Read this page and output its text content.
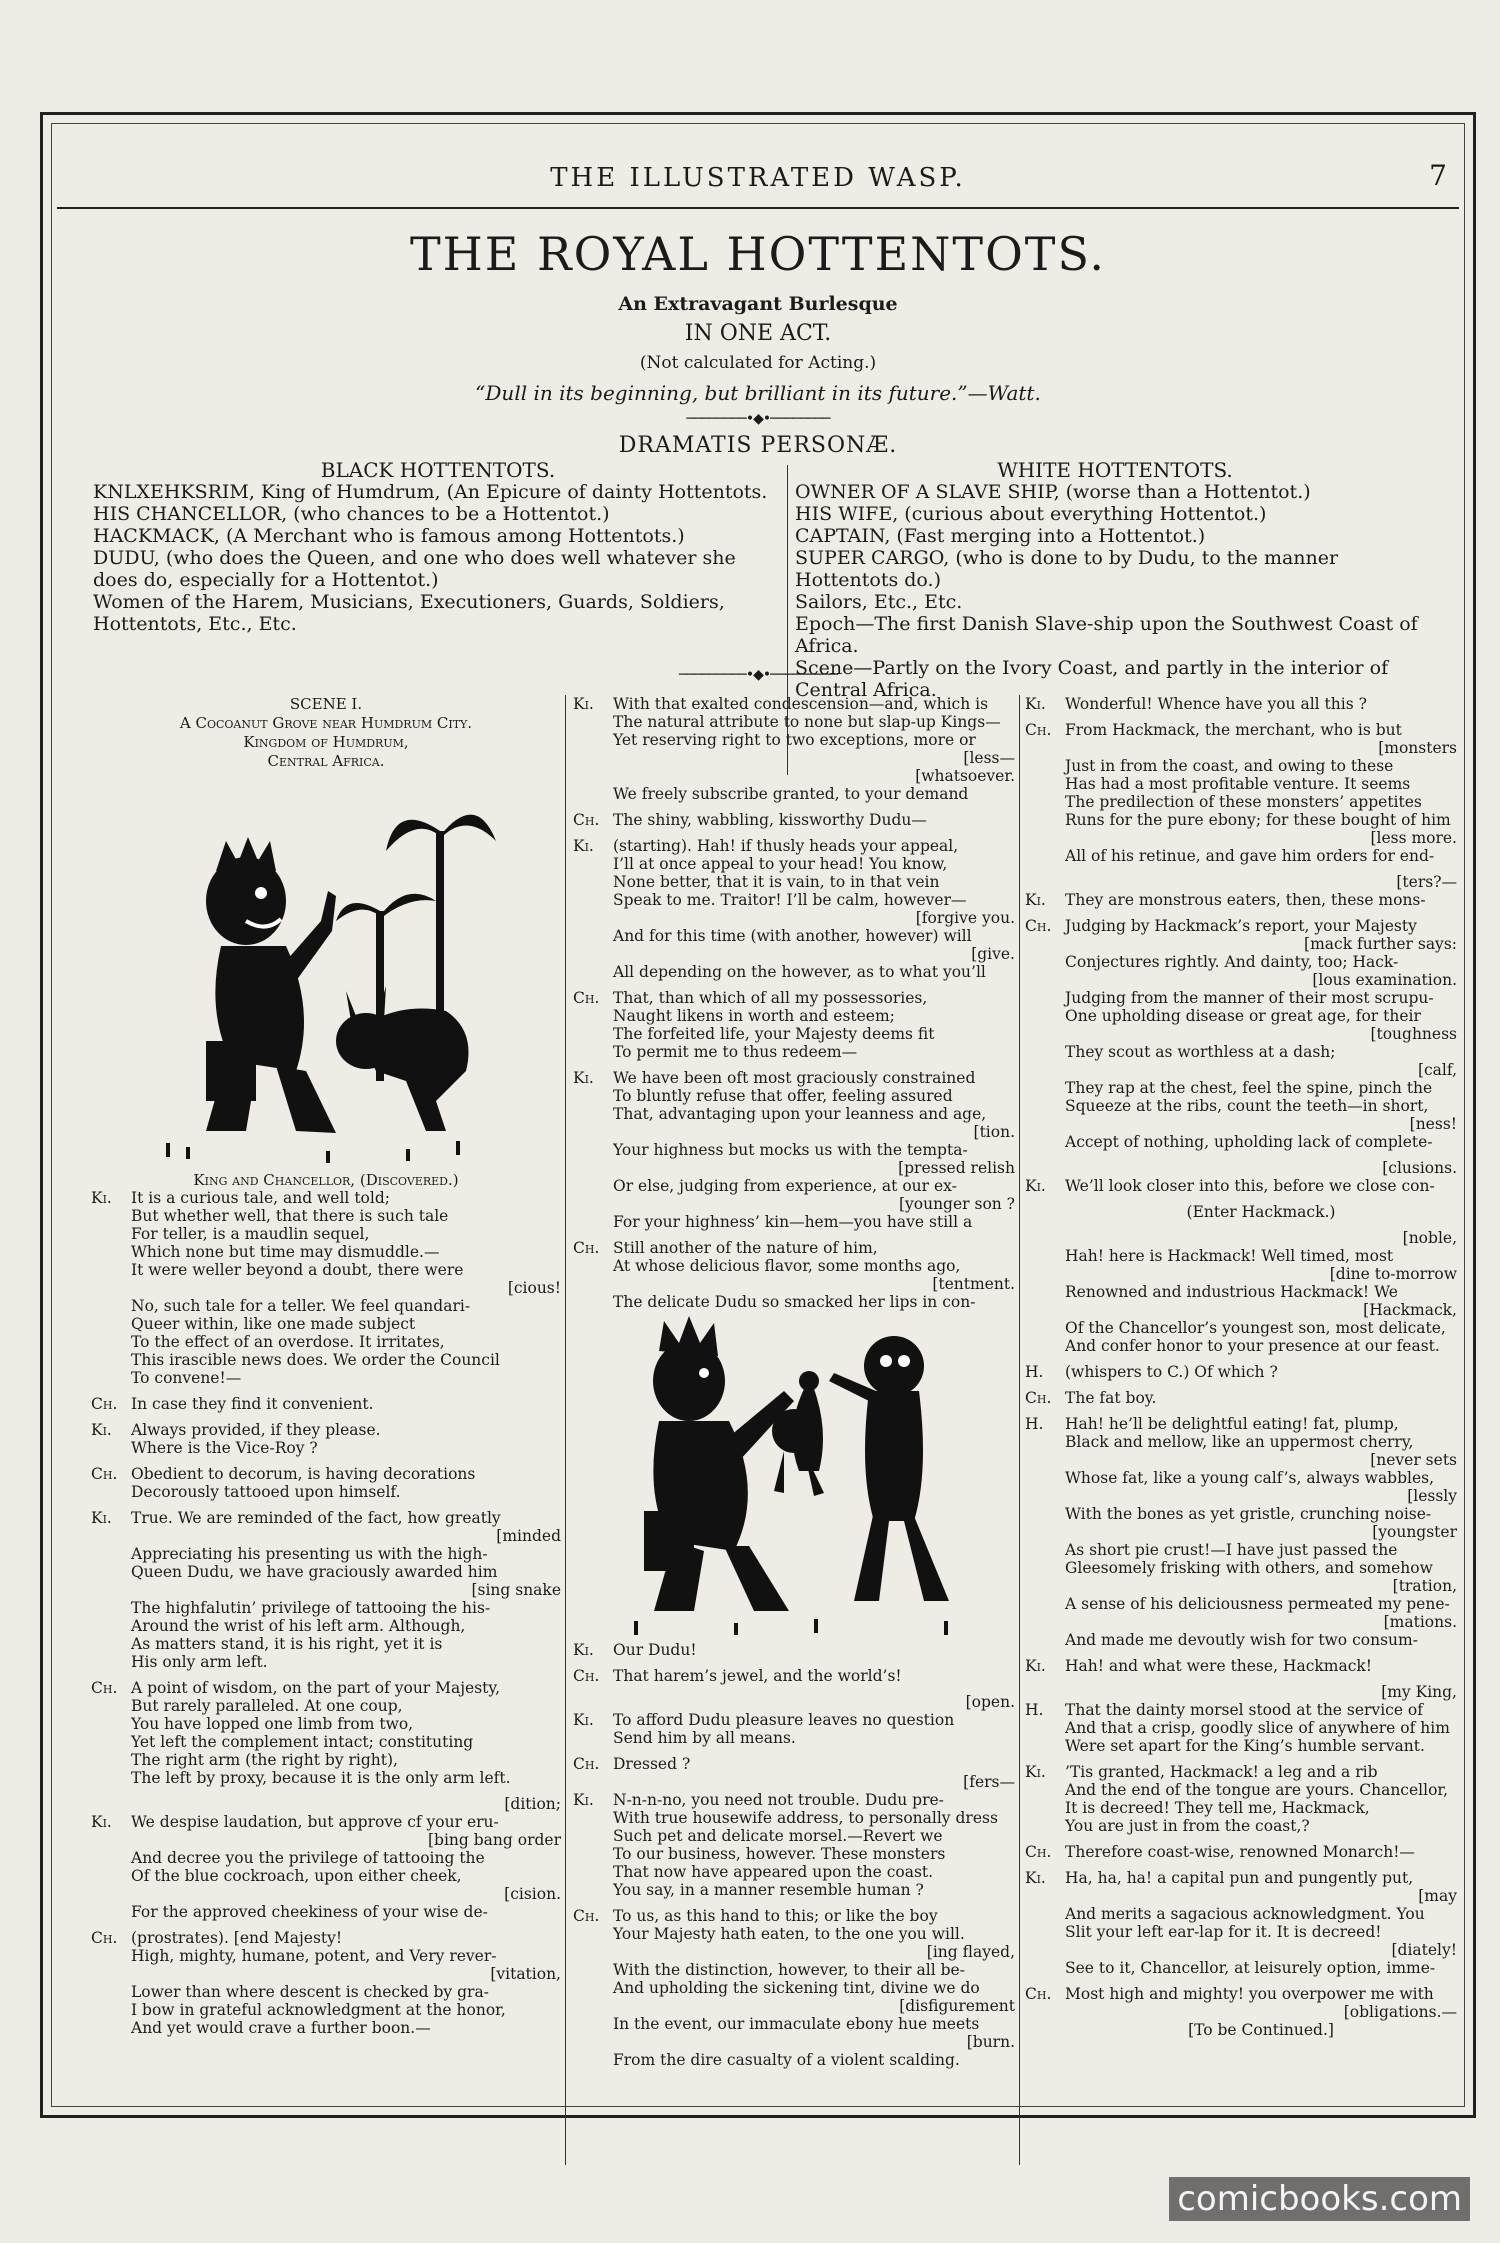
THE ILLUSTRATED WASP.	7
THE ROYAL HOTTENTOTS.
An Extravagant Burlesque
IN ONE ACT.
(Not calculated for Acting.)
“Dull in its beginning, but brilliant in its future.”—Watt.
────────•◆•────────
DRAMATIS PERSONÆ.
BLACK HOTTENTOTS.
KNLXEHKSRIM, King of Humdrum, (An Epicure of dainty Hottentots.
HIS CHANCELLOR, (who chances to be a Hottentot.)
HACKMACK, (A Merchant who is famous among Hottentots.)
DUDU, (who does the Queen, and one who does well whatever she does do, especially for a Hottentot.)
Women of the Harem, Musicians, Executioners, Guards, Soldiers, Hottentots, Etc., Etc.
WHITE HOTTENTOTS.
OWNER OF A SLAVE SHIP, (worse than a Hottentot.)
HIS WIFE, (curious about everything Hottentot.)
CAPTAIN, (Fast merging into a Hottentot.)
SUPER CARGO, (who is done to by Dudu, to the manner Hottentots do.)
Sailors, Etc., Etc.
Epoch—The first Danish Slave-ship upon the Southwest Coast of Africa.
Scene—Partly on the Ivory Coast, and partly in the interior of Central Africa.
─────────•◆•─────────
SCENE I.
A Cocoanut Grove near Humdrum City.
Kingdom of Humdrum,
Central Africa.
King and Chancellor, (Discovered.)
Ki.	It is a curious tale, and well told;
But whether well, that there is such tale
For teller, is a maudlin sequel,
Which none but time may dismuddle.—
It were weller beyond a doubt, there were
[cious!
No, such tale for a teller. We feel quandari-
Queer within, like one made subject
To the effect of an overdose. It irritates,
This irascible news does. We order the Council
To convene!—
Ch. In case they find it convenient.
Ki.	Always provided, if they please.
Where is the Vice-Roy ?
Ch. Obedient to decorum, is having decorations
Decorously tattooed upon himself.
Ki.	True. We are reminded of the fact, how greatly
[minded
Appreciating his presenting us with the high-
Queen Dudu, we have graciously awarded him
[sing snake
The highfalutin’ privilege of tattooing the his-
Around the wrist of his left arm. Although,
As matters stand, it is his right, yet it is
His only arm left.
Ch. A point of wisdom, on the part of your Majesty,
But rarely paralleled. At one coup,
You have lopped one limb from two,
Yet left the complement intact; constituting
The right arm (the right by right),
The left by proxy, because it is the only arm left.
[dition;
Ki.	We despise laudation, but approve cf your eru-
[bing bang order
And decree you the privilege of tattooing the
Of the blue cockroach, upon either cheek,
[cision.
For the approved cheekiness of your wise de-
Ch. (prostrates). [end Majesty!
High, mighty, humane, potent, and Very rever-
[vitation,
Lower than where descent is checked by gra-
I bow in grateful acknowledgment at the honor,
And yet would crave a further boon.—
Ki.	With that exalted condescension—and, which is
The natural attribute to none but slap-up Kings—
Yet reserving right to two exceptions, more or
[less—
[whatsoever.
We freely subscribe granted, to your demand
Ch. The shiny, wabbling, kissworthy Dudu—
Ki.	(starting). Hah! if thusly heads your appeal,
I’ll at once appeal to your head! You know,
None better, that it is vain, to in that vein
Speak to me. Traitor! I’ll be calm, however—
[forgive you.
And for this time (with another, however) will
[give.
All depending on the however, as to what you’ll
Ch. That, than which of all my possessories,
Naught likens in worth and esteem;
The forfeited life, your Majesty deems fit
To permit me to thus redeem—
Ki.	We have been oft most graciously constrained
To bluntly refuse that offer, feeling assured
That, advantaging upon your leanness and age,
[tion.
Your highness but mocks us with the tempta-
[pressed relish
Or else, judging from experience, at our ex-
[younger son ?
For your highness’ kin—hem—you have still a
Ch. Still another of the nature of him,
At whose delicious flavor, some months ago,
[tentment.
The delicate Dudu so smacked her lips in con-
Ki.	Our Dudu!
Ch. That harem’s jewel, and the world’s!
[open.
Ki.	To afford Dudu pleasure leaves no question
Send him by all means.
Ch. Dressed ?
[fers—
Ki.	N-n-n-no, you need not trouble. Dudu pre-
With true housewife address, to personally dress
Such pet and delicate morsel.—Revert we
To our business, however. These monsters
That now have appeared upon the coast.
You say, in a manner resemble human ?
Ch. To us, as this hand to this; or like the boy
Your Majesty hath eaten, to the one you will.
[ing flayed,
With the distinction, however, to their all be-
And upholding the sickening tint, divine we do
[disfigurement
In the event, our immaculate ebony hue meets
[burn.
From the dire casualty of a violent scalding.
Ki.	Wonderful! Whence have you all this ?
Ch. From Hackmack, the merchant, who is but
[monsters
Just in from the coast, and owing to these
Has had a most profitable venture. It seems
The predilection of these monsters’ appetites
Runs for the pure ebony; for these bought of him
[less more.
All of his retinue, and gave him orders for end-
[ters?—
Ki.	They are monstrous eaters, then, these mons-
Ch. Judging by Hackmack’s report, your Majesty
[mack further says:
Conjectures rightly. And dainty, too; Hack-
[lous examination.
Judging from the manner of their most scrupu-
One upholding disease or great age, for their
[toughness
They scout as worthless at a dash;
[calf,
They rap at the chest, feel the spine, pinch the
Squeeze at the ribs, count the teeth—in short,
[ness!
Accept of nothing, upholding lack of complete-
[clusions.
Ki.	We’ll look closer into this, before we close con-
(Enter Hackmack.)
[noble,
Hah! here is Hackmack! Well timed, most
[dine to-morrow
Renowned and industrious Hackmack! We
[Hackmack,
Of the Chancellor’s youngest son, most delicate,
And confer honor to your presence at our feast.
H.	(whispers to C.) Of which ?
Ch. The fat boy.
H.	Hah! he’ll be delightful eating! fat, plump,
Black and mellow, like an uppermost cherry,
[never sets
Whose fat, like a young calf’s, always wabbles,
[lessly
With the bones as yet gristle, crunching noise-
[youngster
As short pie crust!—I have just passed the
Gleesomely frisking with others, and somehow
[tration,
A sense of his deliciousness permeated my pene-
[mations.
And made me devoutly wish for two consum-
Ki.	Hah! and what were these, Hackmack!
[my King,
H.	That the dainty morsel stood at the service of
And that a crisp, goodly slice of anywhere of him
Were set apart for the King’s humble servant.
Ki.	’Tis granted, Hackmack! a leg and a rib
And the end of the tongue are yours. Chancellor,
It is decreed! They tell me, Hackmack,
You are just in from the coast,?
Ch. Therefore coast-wise, renowned Monarch!—
Ki.	Ha, ha, ha! a capital pun and pungently put,
[may
And merits a sagacious acknowledgment. You
Slit your left ear-lap for it. It is decreed!
[diately!
See to it, Chancellor, at leisurely option, imme-
Ch. Most high and mighty! you overpower me with
[obligations.—
[To be Continued.]
comicbooks.com
